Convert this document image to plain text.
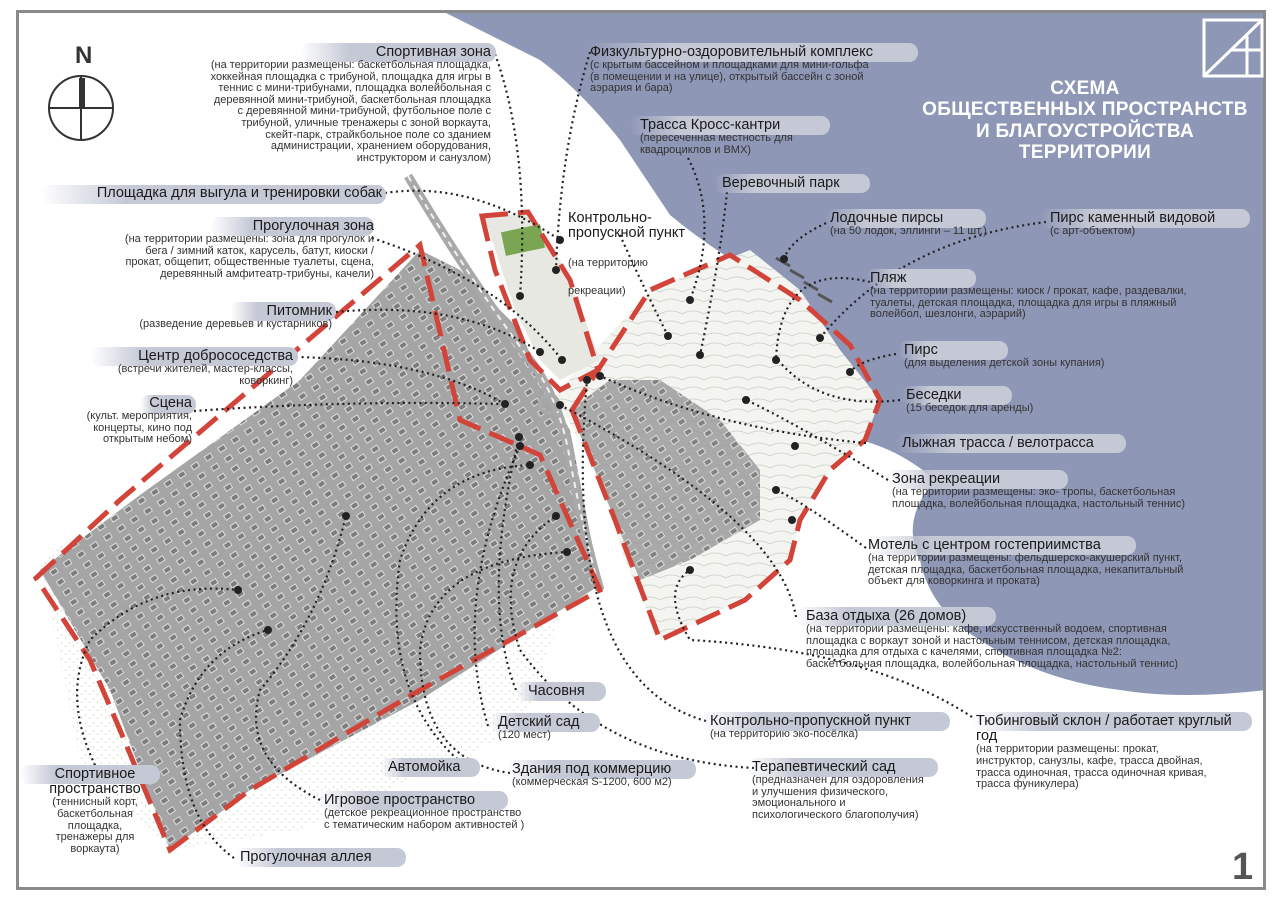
N
СХЕМА
ОБЩЕСТВЕННЫХ ПРОСТРАНСТВ
И БЛАГОУСТРОЙСТВА
ТЕРРИТОРИИ
1
Спортивная зона
(на территории размещены: баскетбольная площадка,
хоккейная площадка с трибуной, площадка для игры в
теннис с мини-трибунами, площадка волейбольная с
деревянной мини-трибуной, баскетбольная площадка
с деревянной мини-трибуной, футбольное поле с
трибуной, уличные тренажеры с зоной воркаута,
скейт-парк, страйкбольное поле со зданием
администрации, хранением оборудования,
инструктором и санузлом)
Площадка для выгула и тренировки собак
Прогулочная зона
(на территории размещены: зона для прогулок и
бега / зимний каток, карусель, батут, киоски /
прокат, общепит, общественные туалеты, сцена,
деревянный амфитеатр-трибуны, качели)
Питомник
(разведение деревьев и кустарников)
Центр добрососедства
(встречи жителей, мастер-классы,
коворкинг)
Сцена
(культ. мероприятия,
концерты, кино под
открытым небом)
Физкультурно-оздоровительный комплекс
(с крытым бассейном и площадками для мини-гольфа
(в помещении и на улице), открытый бассейн с зоной
аэрария и бара)
Трасса Кросс-кантри
(пересеченная местность для
квадроциклов и BMX)

Контрольно-
пропускной пункт

(на территорию

рекреации)

Веревочный парк
Лодочные пирсы
(на 50 лодок, эллинги – 11 шт.)
Пирс каменный видовой
(с арт-объектом)
Пляж
(на территории размещены: киоск / прокат, кафе, раздевалки,
туалеты, детская площадка, площадка для игры в пляжный
волейбол, шезлонги, аэрарий)
Пирс
(для выделения детской зоны купания)
Беседки
(15 беседок для аренды)
Лыжная трасса / велотрасса
Зона рекреации
(на территории размещены: эко- тропы, баскетбольная
площадка, волейбольная площадка, настольный теннис)
Мотель с центром гостеприимства
(на территории размещены: фельдшерско-акушерский пункт,
детская площадка, баскетбольная площадка, некапитальный
объект для коворкинга и проката)
База отдыха (26 домов)
(на территории размещены: кафе, искусственный водоем, спортивная
площадка с воркаут зоной и настольным теннисом, детская площадка,
площадка для отдыха с качелями, спортивная площадка №2:
баскетбольная площадка, волейбольная площадка, настольный теннис)
Часовня
Детский сад
(120 мест)
Контрольно-пропускной пункт
(на территорию эко-посёлка)
Тюбинговый склон / работает круглый
год
(на территории размещены: прокат,
инструктор, санузлы, кафе, трасса двойная,
трасса одиночная, трасса одиночная кривая,
трасса фуникулера)
Автомойка	Здания под коммерцию
(коммерческая S-1200, 600 м2)
Терапевтический сад
(предназначен для оздоровления
и улучшения физического,
эмоционального и
психологического благополучия)
Спортивное
пространство
(теннисный корт,
баскетбольная
площадка,
тренажеры для
воркаута)
Игровое пространство
(детское рекреационное пространство
с тематическим набором активностей )
Прогулочная аллея
